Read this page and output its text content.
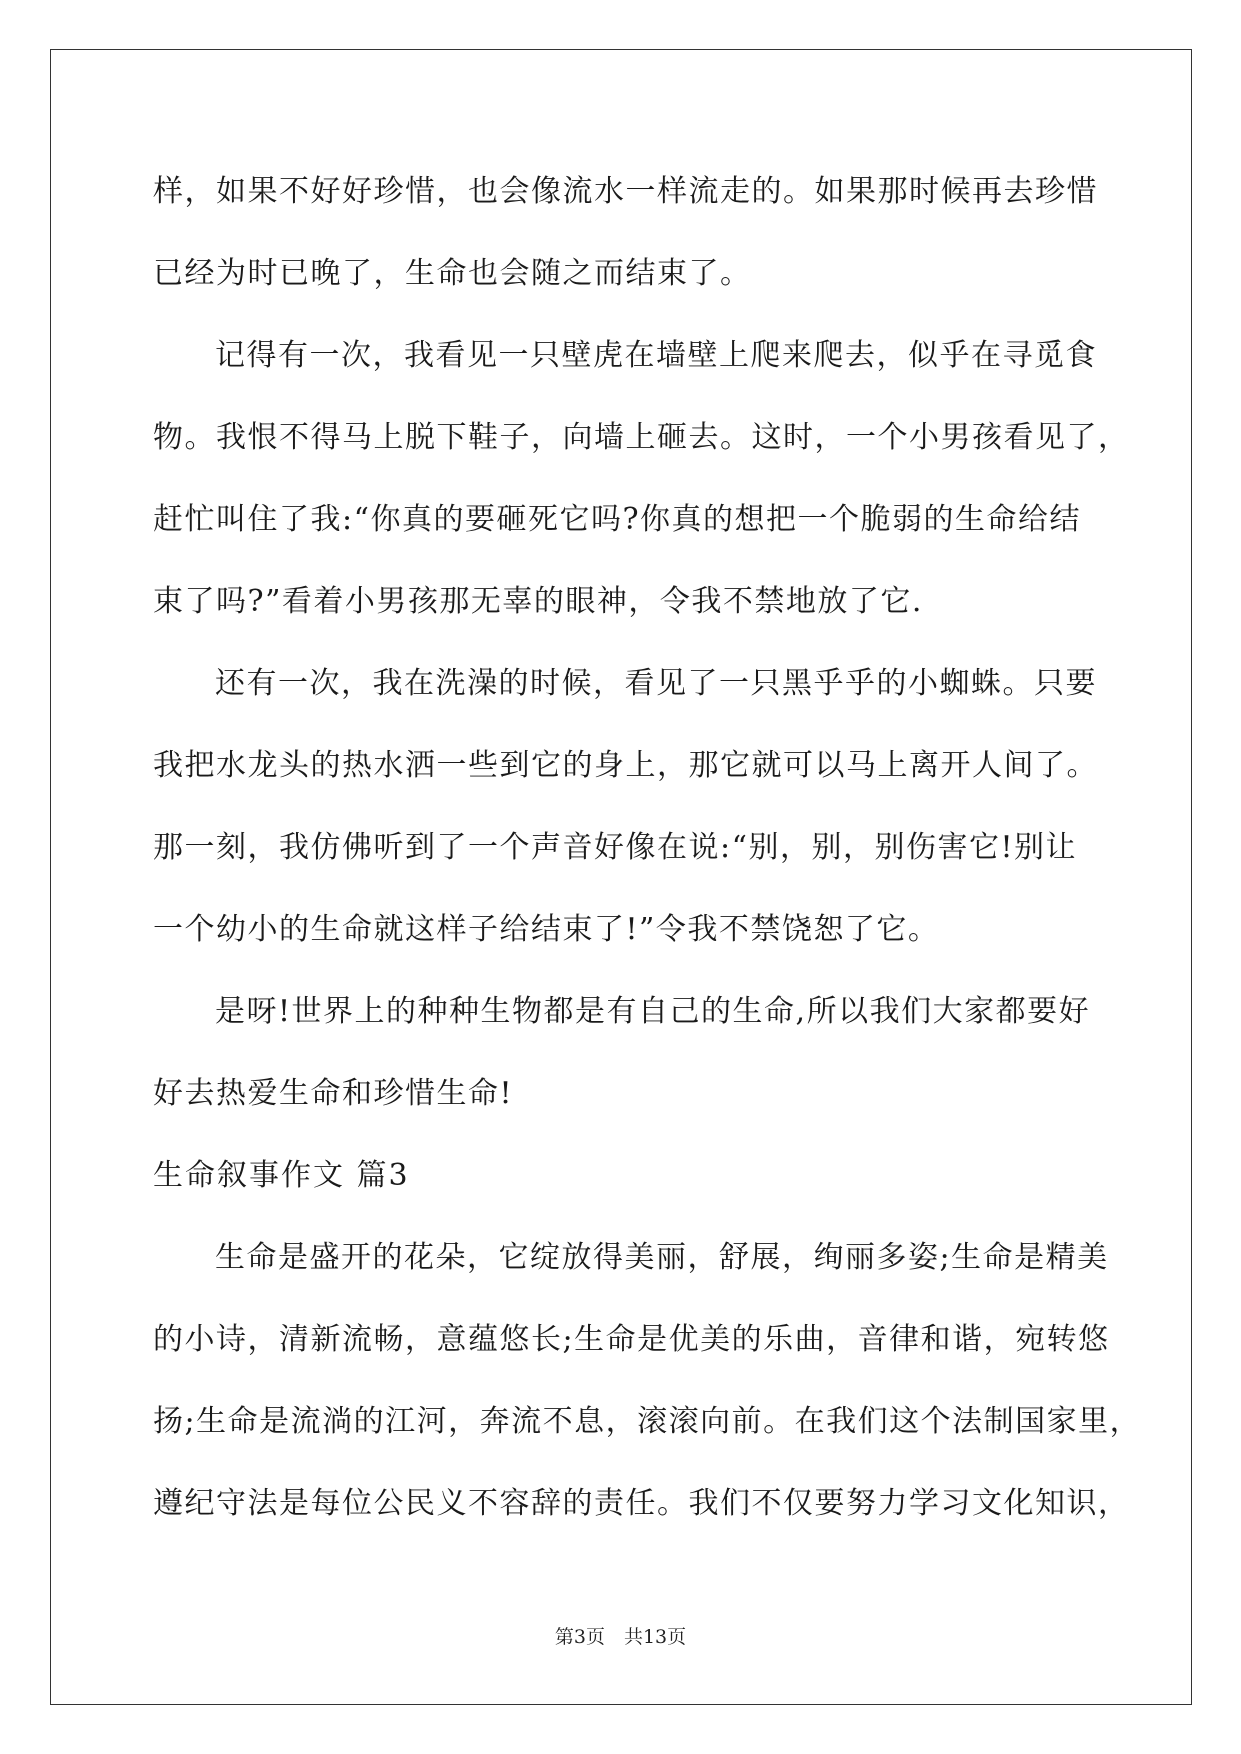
样，如果不好好珍惜，也会像流水一样流走的。如果那时候再去珍惜
已经为时已晚了，生命也会随之而结束了。
记得有一次，我看见一只壁虎在墙壁上爬来爬去，似乎在寻觅食
物。我恨不得马上脱下鞋子，向墙上砸去。这时，一个小男孩看见了，
赶忙叫住了我:“你真的要砸死它吗?你真的想把一个脆弱的生命给结
束了吗?”看着小男孩那无辜的眼神，令我不禁地放了它.
还有一次，我在洗澡的时候，看见了一只黑乎乎的小蜘蛛。只要
我把水龙头的热水洒一些到它的身上，那它就可以马上离开人间了。
那一刻，我仿佛听到了一个声音好像在说:“别，别，别伤害它!别让
一个幼小的生命就这样子给结束了!”令我不禁饶恕了它。
是呀!世界上的种种生物都是有自己的生命,所以我们大家都要好
好去热爱生命和珍惜生命!
生命叙事作文 篇3
生命是盛开的花朵，它绽放得美丽，舒展，绚丽多姿;生命是精美
的小诗，清新流畅，意蕴悠长;生命是优美的乐曲，音律和谐，宛转悠
扬;生命是流淌的江河，奔流不息，滚滚向前。在我们这个法制国家里，
遵纪守法是每位公民义不容辞的责任。我们不仅要努力学习文化知识，
第3页　共13页
